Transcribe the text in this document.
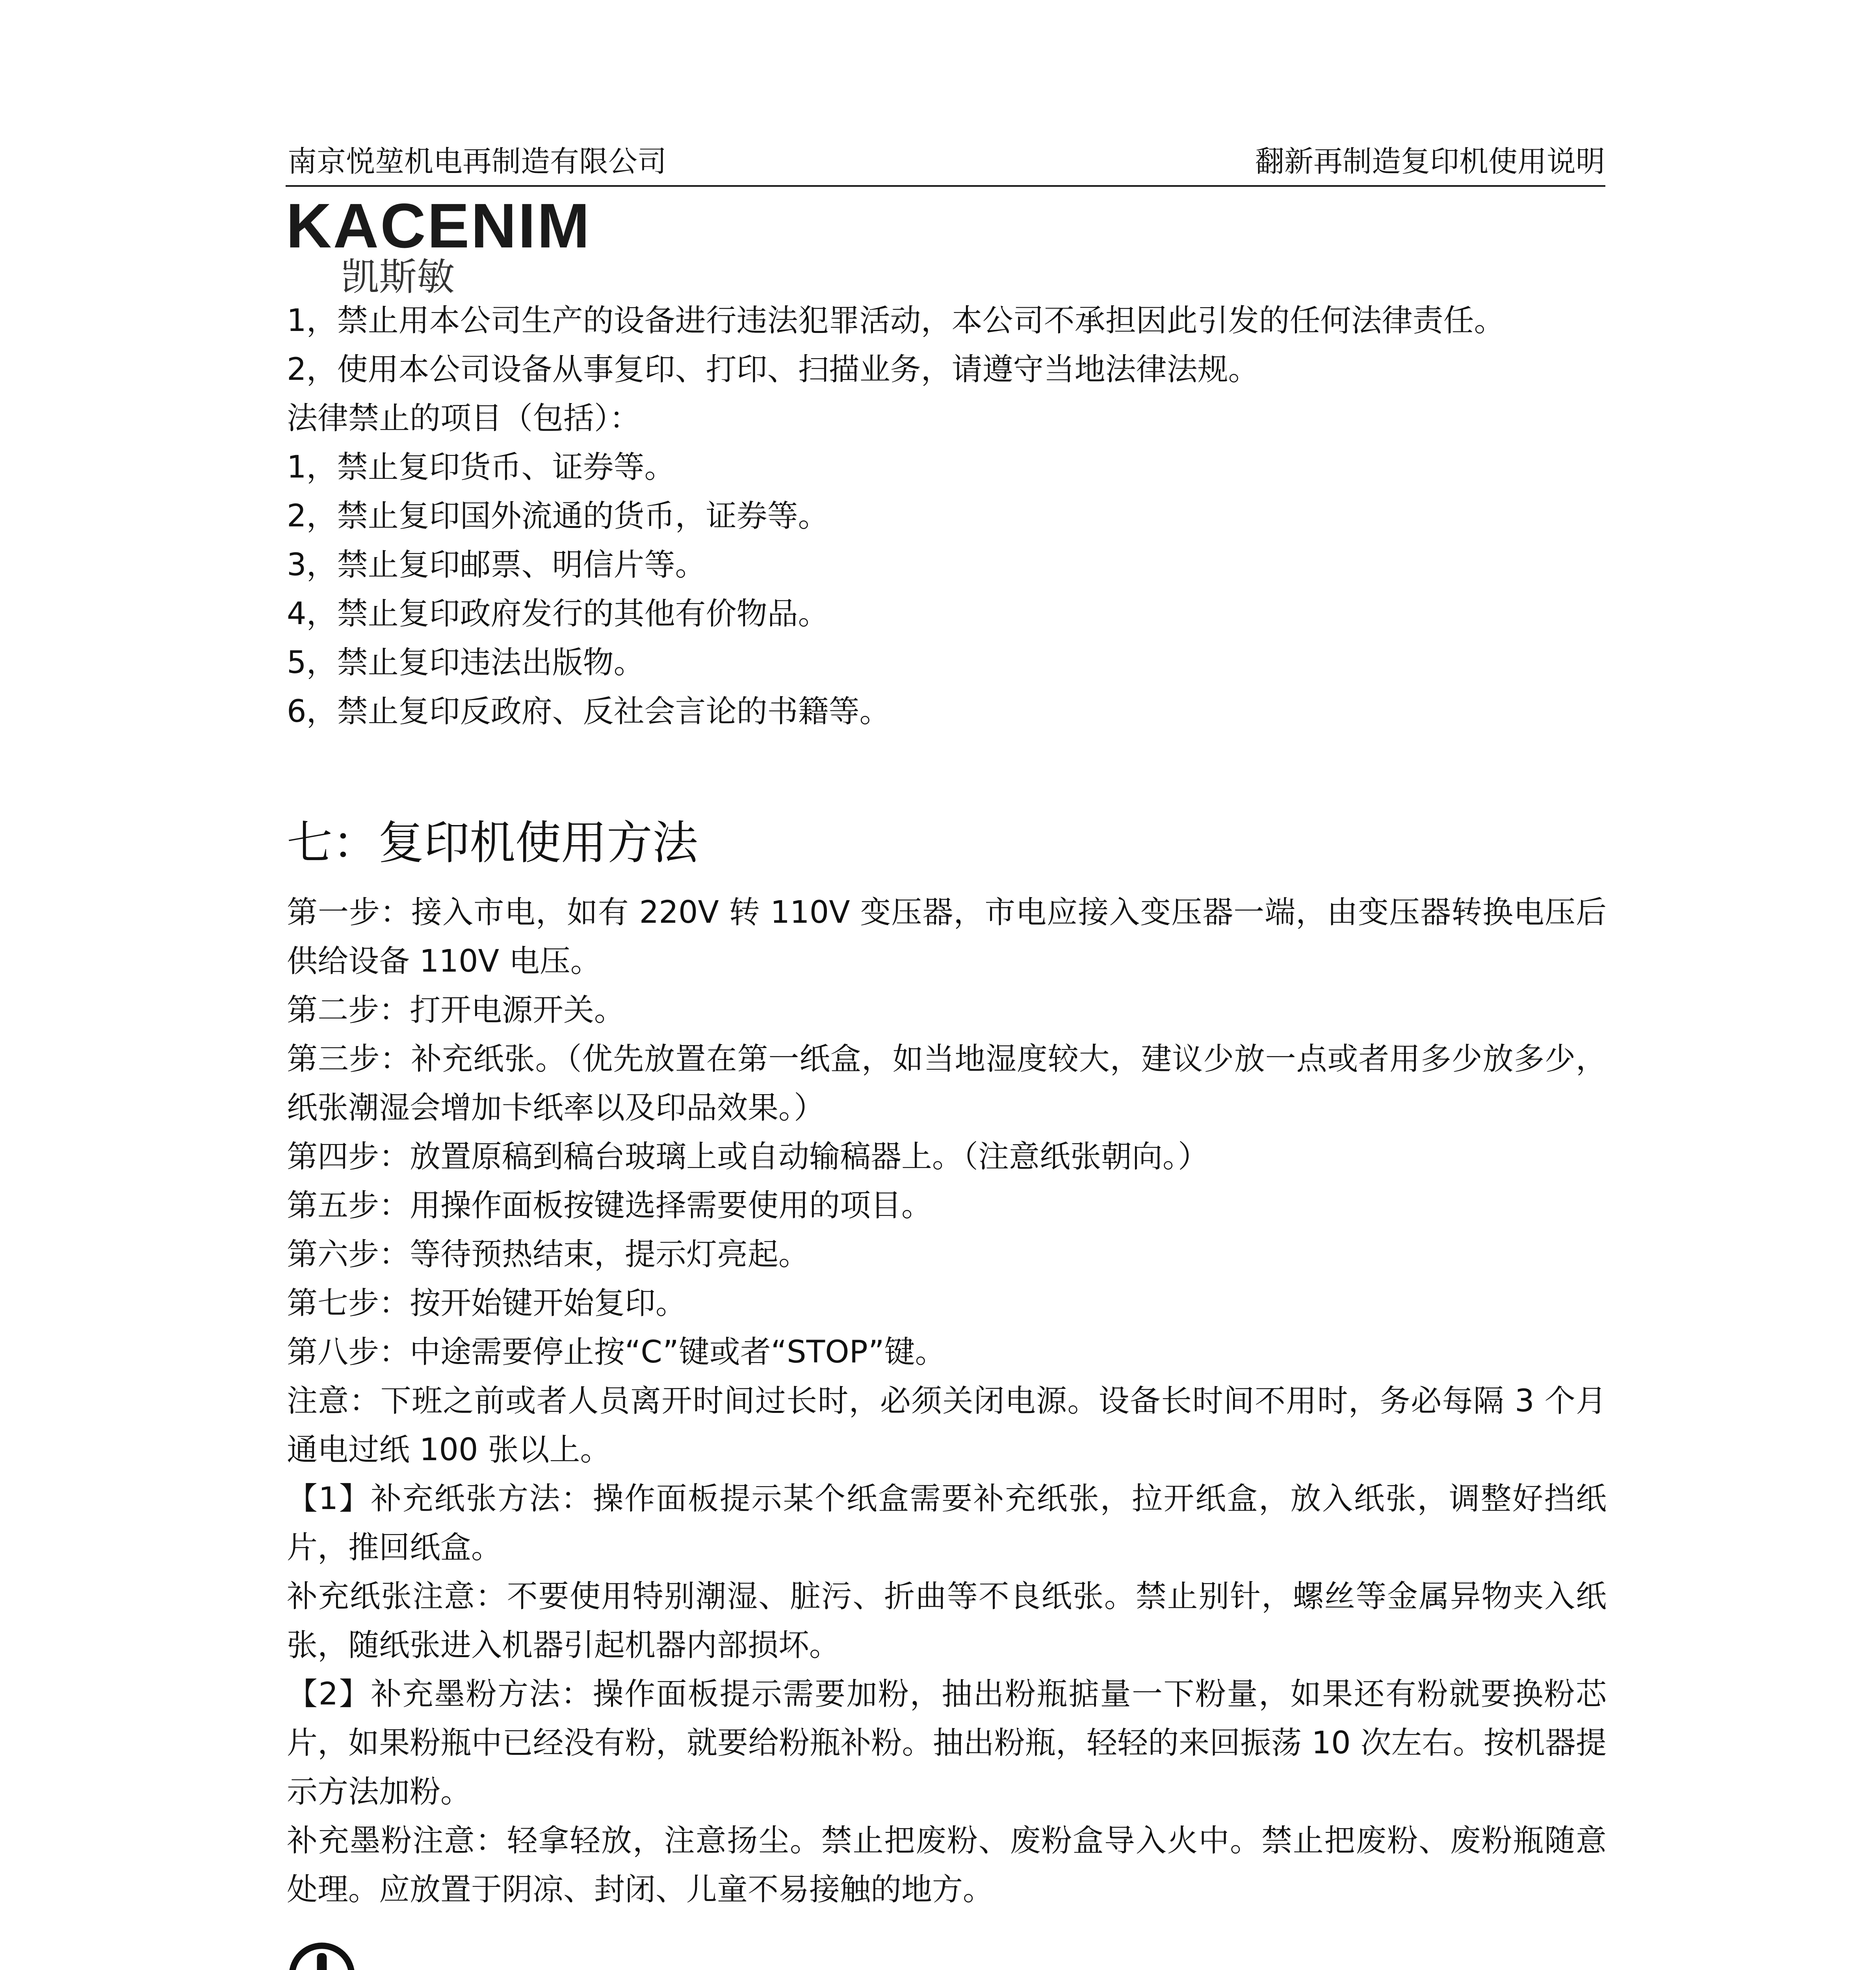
南京悦堃机电再制造有限公司	翻新再制造复印机使用说明
KACENIM
凯斯敏

1，禁止用本公司生产的设备进行违法犯罪活动，本公司不承担因此引发的任何法律责任。

2，使用本公司设备从事复印、打印、扫描业务，请遵守当地法律法规。

法律禁止的项目（包括）：

1，禁止复印货币、证券等。

2，禁止复印国外流通的货币，证券等。

3，禁止复印邮票、明信片等。

4，禁止复印政府发行的其他有价物品。

5，禁止复印违法出版物。

6，禁止复印反政府、反社会言论的书籍等。

七：复印机使用方法

第一步：接入市电，如有 220V 转 110V 变压器，市电应接入变压器一端，由变压器转换电压后供给设备 110V 电压。

第二步：打开电源开关。

第三步：补充纸张。（优先放置在第一纸盒，如当地湿度较大，建议少放一点或者用多少放多少，纸张潮湿会增加卡纸率以及印品效果。）

第四步：放置原稿到稿台玻璃上或自动输稿器上。（注意纸张朝向。）

第五步：用操作面板按键选择需要使用的项目。

第六步：等待预热结束，提示灯亮起。

第七步：按开始键开始复印。

第八步：中途需要停止按“C”键或者“STOP”键。

注意：下班之前或者人员离开时间过长时，必须关闭电源。设备长时间不用时，务必每隔 3 个月通电过纸 100 张以上。

【1】补充纸张方法：操作面板提示某个纸盒需要补充纸张，拉开纸盒，放入纸张，调整好挡纸片，推回纸盒。

补充纸张注意：不要使用特别潮湿、脏污、折曲等不良纸张。禁止别针，螺丝等金属异物夹入纸张，随纸张进入机器引起机器内部损坏。

【2】补充墨粉方法：操作面板提示需要加粉，抽出粉瓶掂量一下粉量，如果还有粉就要换粉芯片，如果粉瓶中已经没有粉，就要给粉瓶补粉。抽出粉瓶，轻轻的来回振荡 10 次左右。按机器提示方法加粉。

补充墨粉注意：轻拿轻放，注意扬尘。禁止把废粉、废粉盒导入火中。禁止把废粉、废粉瓶随意处理。应放置于阴凉、封闭、儿童不易接触的地方。
